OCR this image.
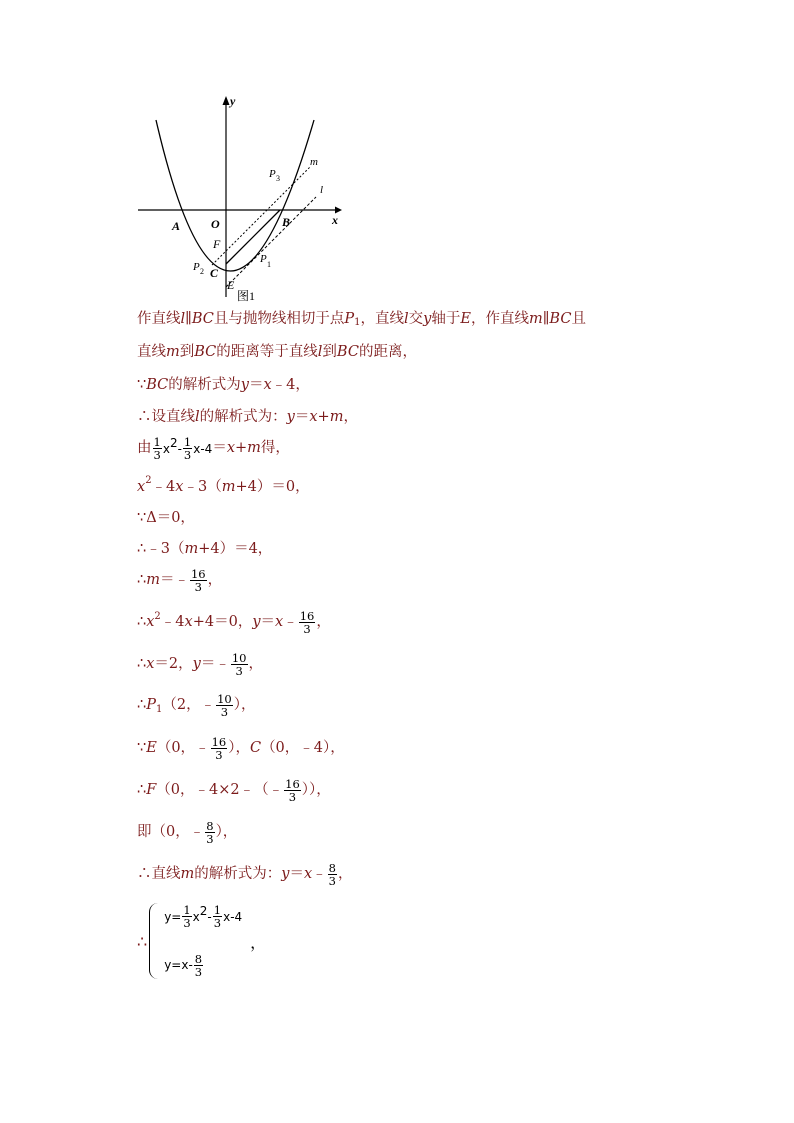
y
x
O
A	B
F
C
E
P 1
P 2
P 3
m
l
图1
作直线 l ∥ BC 且与抛物线相切于点 P 1 ，直线 l 交 y 轴于 E ，作直线 m ∥ BC 且
直线 m 到 BC 的距离等于直线 l 到 BC 的距离，
∵ BC 的解析式为 y ＝ x ﹣4，
∴设直线 l 的解析式为： y ＝ x + m ，
由 $\frac{1}{3}$ x $2 - \frac{1}{3} x-4 = x + m$ 得，
x 2 ﹣4 x ﹣3（ m +4）＝0，
∵Δ＝0，
∴﹣3（ m +4）＝4，
∴ m ＝﹣ $\frac{16}{3}$ ，
∴ x 2 ﹣4 x +4＝0， y ＝ x ﹣ $\frac{16}{3}$ ，
∴ x ＝2， y ＝﹣ $\frac{10}{3}$ ，
∴ P 1 （2，﹣ $\frac{10}{3}$ ），
∵ E （0，﹣ $\frac{16}{3}$ ）， C （0，﹣4），
∴ F （0，﹣4×2﹣（﹣ $\frac{16}{3}$ ）），
即（0，﹣ $\frac{8}{3}$ ），
∴直线 m 的解析式为： y ＝ x ﹣ $\frac{8}{3}$ ，
∴
$y= \frac{1}{3}$ x $2 - \frac{1}{3} x-4$
$y=x- \frac{8}{3}$
，
